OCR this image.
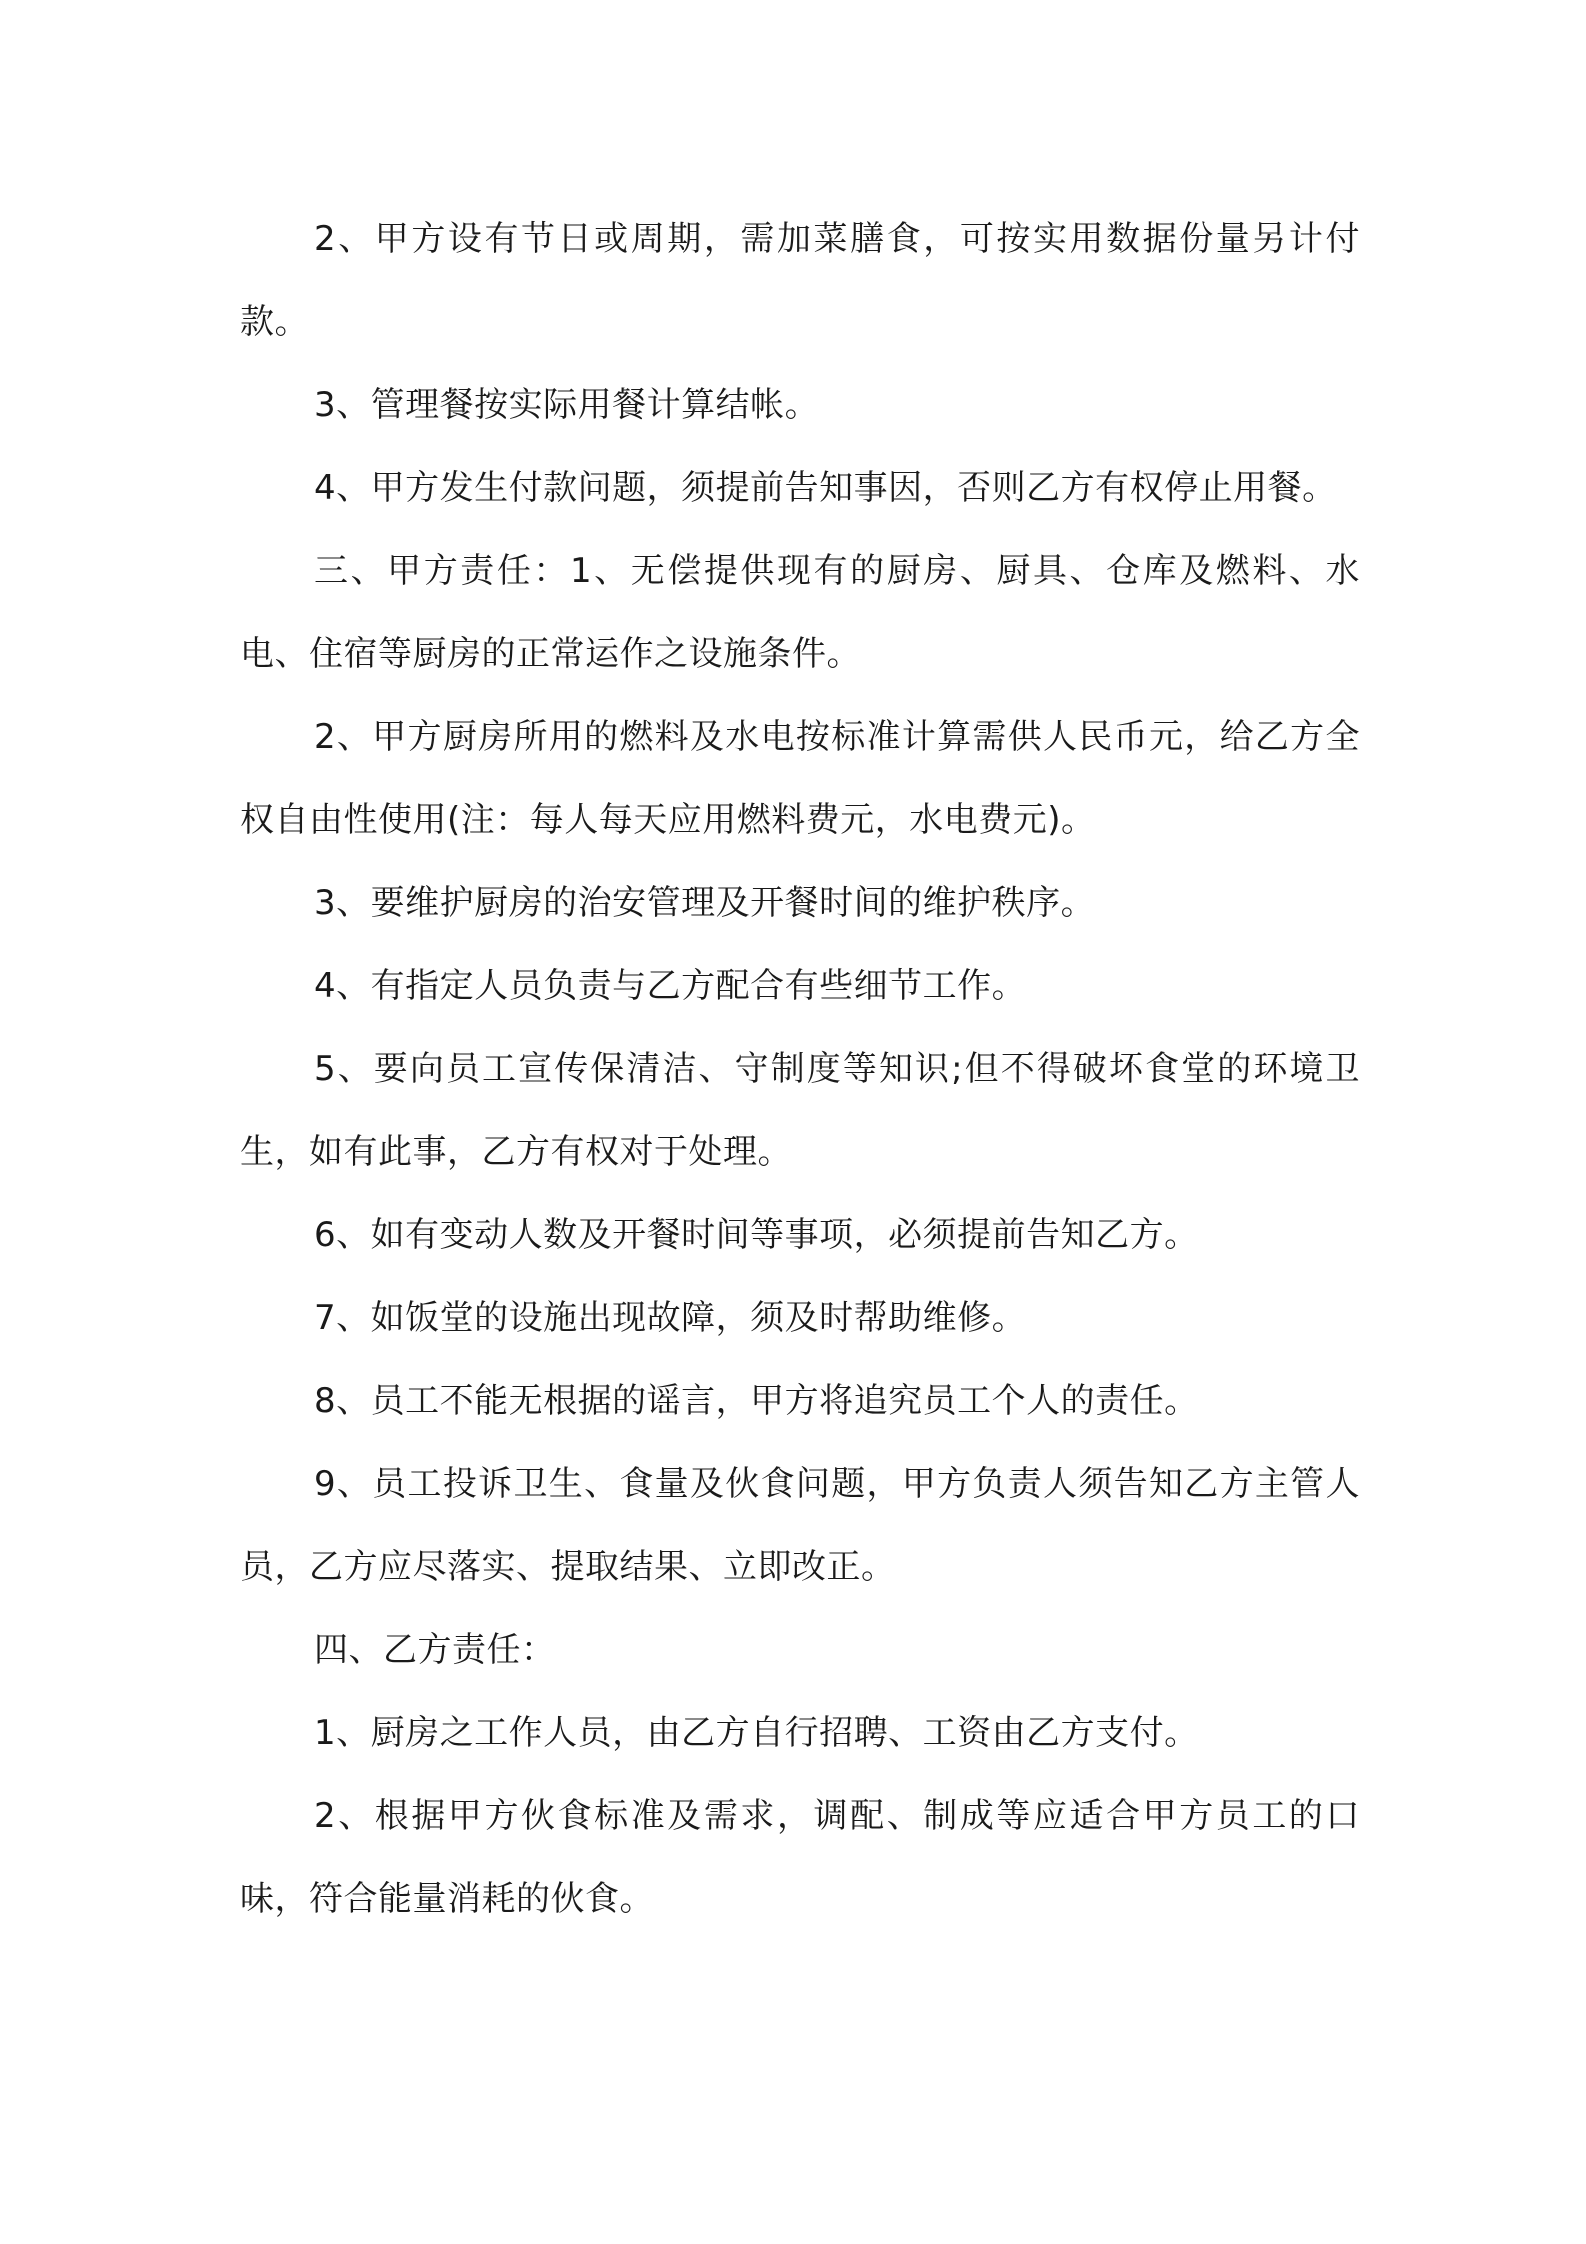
2、甲方设有节日或周期，需加菜膳食，可按实用数据份量另计付款。

3、管理餐按实际用餐计算结帐。

4、甲方发生付款问题，须提前告知事因，否则乙方有权停止用餐。

三、甲方责任：1、无偿提供现有的厨房、厨具、仓库及燃料、水电、住宿等厨房的正常运作之设施条件。

2、甲方厨房所用的燃料及水电按标准计算需供人民币元，给乙方全权自由性使用(注：每人每天应用燃料费元，水电费元)。

3、要维护厨房的治安管理及开餐时间的维护秩序。

4、有指定人员负责与乙方配合有些细节工作。

5、要向员工宣传保清洁、守制度等知识;但不得破坏食堂的环境卫生，如有此事，乙方有权对于处理。

6、如有变动人数及开餐时间等事项，必须提前告知乙方。

7、如饭堂的设施出现故障，须及时帮助维修。

8、员工不能无根据的谣言，甲方将追究员工个人的责任。

9、员工投诉卫生、食量及伙食问题，甲方负责人须告知乙方主管人员，乙方应尽落实、提取结果、立即改正。

四、乙方责任：

1、厨房之工作人员，由乙方自行招聘、工资由乙方支付。

2、根据甲方伙食标准及需求，调配、制成等应适合甲方员工的口味，符合能量消耗的伙食。
